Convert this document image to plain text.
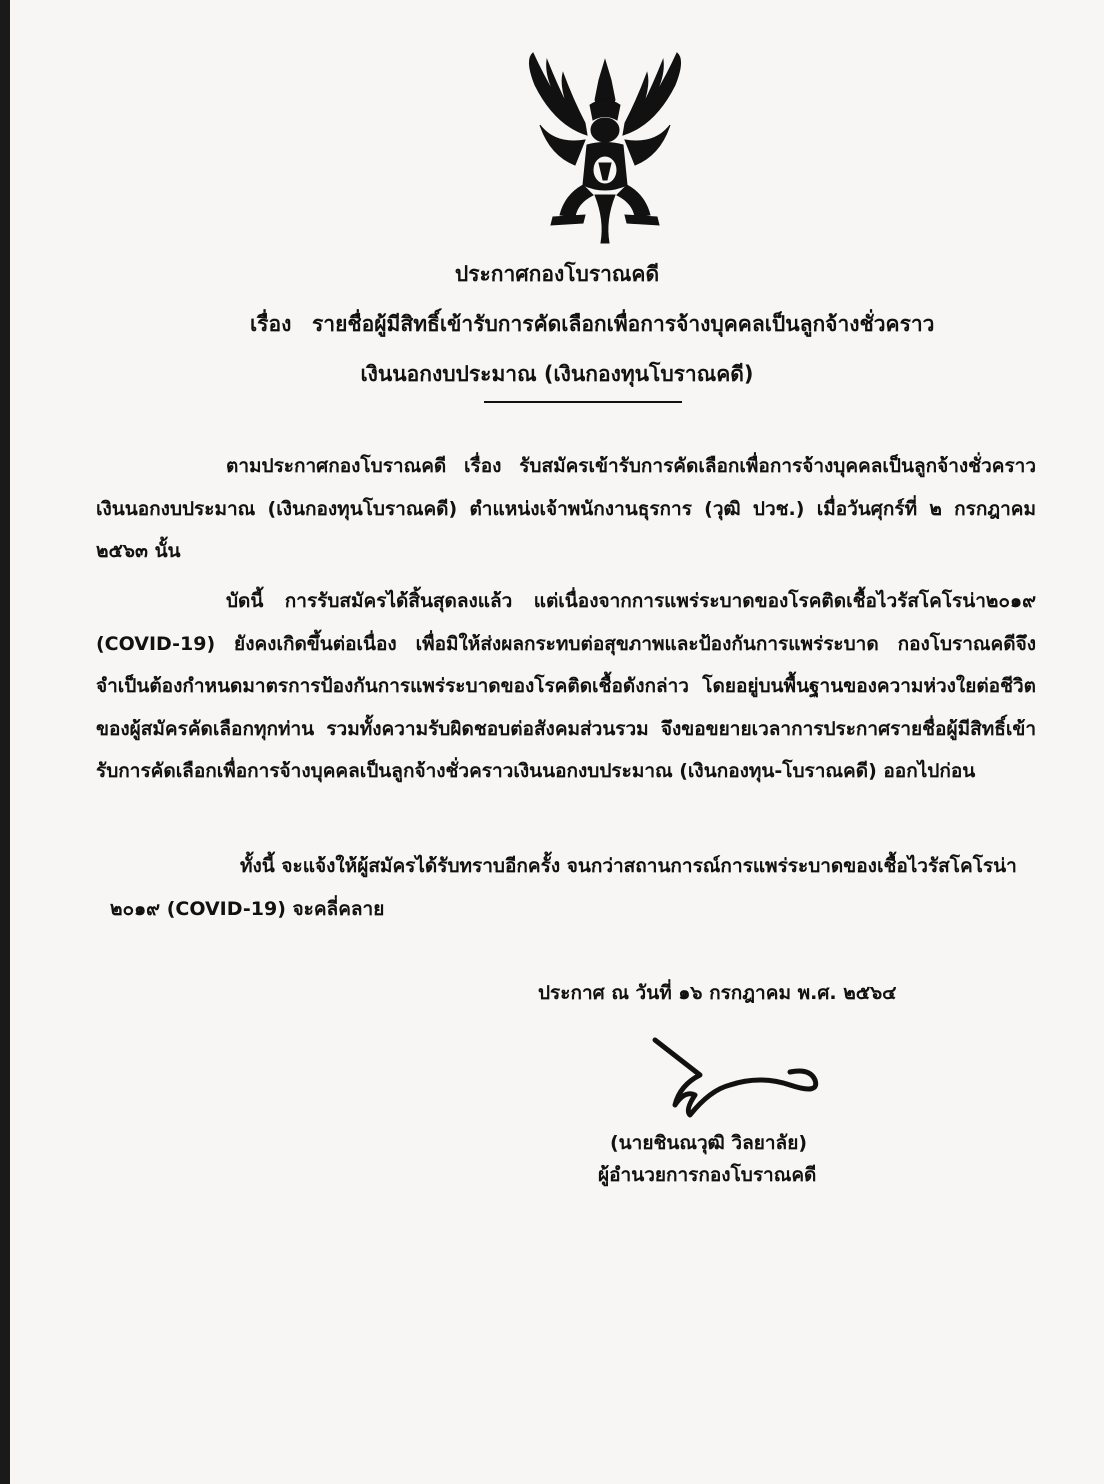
ประกาศกองโบราณคดี
เรื่อง รายชื่อผู้มีสิทธิ์เข้ารับการคัดเลือกเพื่อการจ้างบุคคลเป็นลูกจ้างชั่วคราว
เงินนอกงบประมาณ (เงินกองทุนโบราณคดี)

ตามประกาศกองโบราณคดี เรื่อง รับสมัครเข้ารับการคัดเลือกเพื่อการจ้างบุคคลเป็นลูกจ้างชั่วคราวเงินนอกงบประมาณ (เงินกองทุนโบราณคดี) ตำแหน่งเจ้าพนักงานธุรการ (วุฒิ ปวช.) เมื่อวันศุกร์ที่ ๒ กรกฎาคม ๒๕๖๓ นั้น

บัดนี้ การรับสมัครได้สิ้นสุดลงแล้ว แต่เนื่องจากการแพร่ระบาดของโรคติดเชื้อไวรัสโคโรน่า๒๐๑๙ (COVID-19) ยังคงเกิดขึ้นต่อเนื่อง เพื่อมิให้ส่งผลกระทบต่อสุขภาพและป้องกันการแพร่ระบาด กองโบราณคดีจึงจำเป็นต้องกำหนดมาตรการป้องกันการแพร่ระบาดของโรคติดเชื้อดังกล่าว โดยอยู่บนพื้นฐานของความห่วงใยต่อชีวิตของผู้สมัครคัดเลือกทุกท่าน รวมทั้งความรับผิดชอบต่อสังคมส่วนรวม จึงขอขยายเวลาการประกาศรายชื่อผู้มีสิทธิ์เข้ารับการคัดเลือกเพื่อการจ้างบุคคลเป็นลูกจ้างชั่วคราวเงินนอกงบประมาณ (เงินกองทุน-โบราณคดี) ออกไปก่อน

ทั้งนี้ จะแจ้งให้ผู้สมัครได้รับทราบอีกครั้ง จนกว่าสถานการณ์การแพร่ระบาดของเชื้อไวรัสโคโรน่า ๒๐๑๙ (COVID-19) จะคลี่คลาย

ประกาศ ณ วันที่ ๑๖ กรกฎาคม พ.ศ. ๒๕๖๔
(นายชินณวุฒิ วิลยาลัย)
ผู้อำนวยการกองโบราณคดี
